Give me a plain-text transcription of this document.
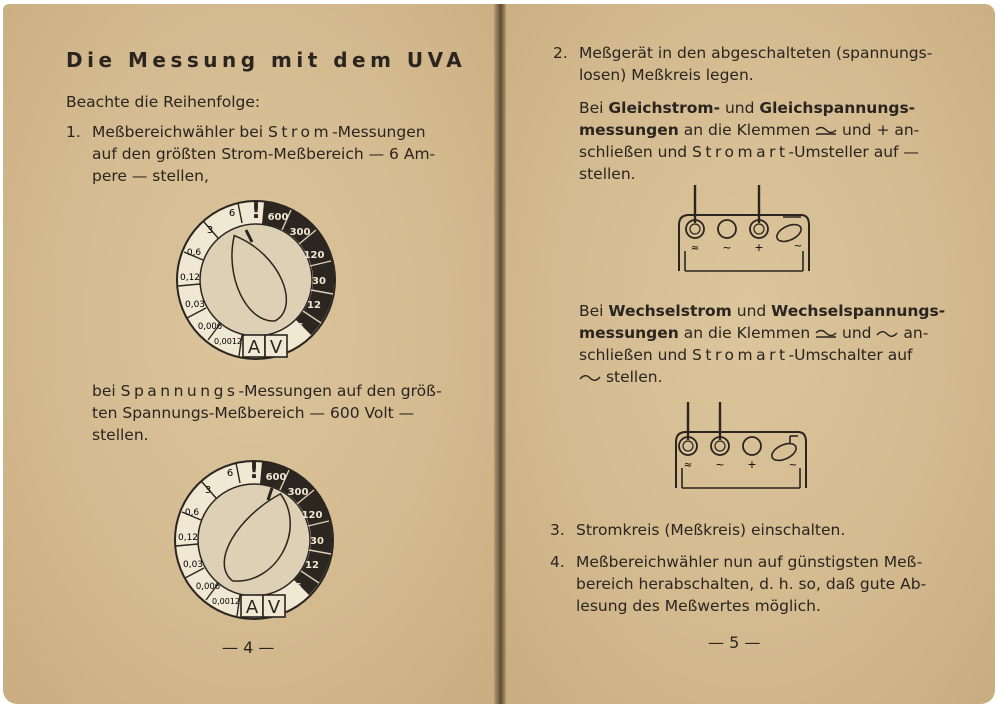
Die Messung mit dem UVA

Beachte die Reihenfolge:

1. Meßbereichwähler bei Strom-Messungen

auf den größten Strom-Meßbereich — 6 Am-

pere — stellen,

A V
!
6
3
0,6
0,12
0,03
0,006
0,0012
600
300
120
30
12
6

bei Spannungs-Messungen auf den größ-

ten Spannungs-Meßbereich — 600 Volt —

stellen.

A V
!
6
3
0,6
0,12
0,03
0,006
0,0012
600
300
120
30
12
6
— 4 —
2. Meßgerät in den abgeschalteten (spannungs-

losen) Meßkreis legen.

Bei Gleichstrom- und Gleichspannungs-

messungen an die Klemmen  und + an-

schließen und Stromart-Umsteller auf —

stellen.

≈ ~ +	~

Bei Wechselstrom und Wechselspannungs-

messungen an die Klemmen  und  an-

schließen und Stromart-Umschalter auf

stellen.

≈ ~ +	~
3. Stromkreis (Meßkreis) einschalten.

4. Meßbereichwähler nun auf günstigsten Meß-

bereich herabschalten, d. h. so, daß gute Ab-

lesung des Meßwertes möglich.

— 5 —
